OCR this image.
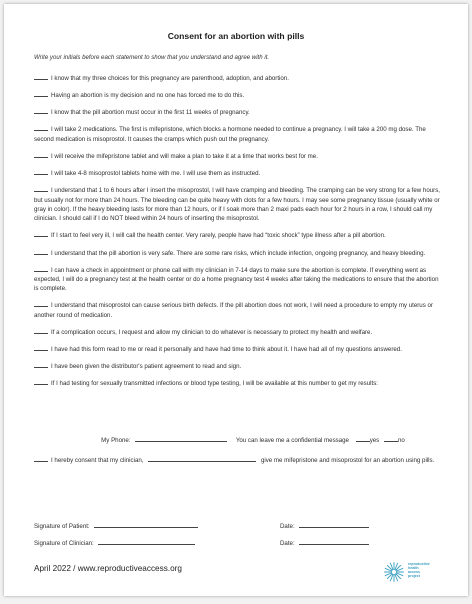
Consent for an abortion with pills
Write your initials before each statement to show that you understand and agree with it.
I know that my three choices for this pregnancy are parenthood, adoption, and abortion.
Having an abortion is my decision and no one has forced me to do this.
I know that the pill abortion must occur in the first 11 weeks of pregnancy.
I will take 2 medications. The first is mifepristone, which blocks a hormone needed to continue a pregnancy. I will take a 200 mg dose. The second medication is misoprostol. It causes the cramps which push out the pregnancy.
I will receive the mifepristone tablet and will make a plan to take it at a time that works best for me.
I will take 4-8 misoprostol tablets home with me. I will use them as instructed.
I understand that 1 to 6 hours after I insert the misoprostol, I will have cramping and bleeding. The cramping can be very strong for a few hours, but usually not for more than 24 hours. The bleeding can be quite heavy with clots for a few hours. I may see some pregnancy tissue (usually white or gray in color). If the heavy bleeding lasts for more than 12 hours, or if I soak more than 2 maxi pads each hour for 2 hours in a row, I should call my clinician. I should call if I do NOT bleed within 24 hours of inserting the misoprostol.
If I start to feel very ill, I will call the health center. Very rarely, people have had “toxic shock” type illness after a pill abortion.
I understand that the pill abortion is very safe. There are some rare risks, which include infection, ongoing pregnancy, and heavy bleeding.
I can have a check in appointment or phone call with my clinician in 7-14 days to make sure the abortion is complete. If everything went as expected, I will do a pregnancy test at the health center or do a home pregnancy test 4 weeks after taking the medications to ensure that the abortion is complete.
I understand that misoprostol can cause serious birth defects. If the pill abortion does not work, I will need a procedure to empty my uterus or another round of medication.
If a complication occurs, I request and allow my clinician to do whatever is necessary to protect my health and welfare.
I have had this form read to me or read it personally and have had time to think about it. I have had all of my questions answered.
I have been given the distributor's patient agreement to read and sign.
If I had testing for sexually transmitted infections or blood type testing, I will be available at this number to get my results:
My Phone:	You can leave me a confidential message	yes	no
I hereby consent that my clinician,	give me mifepristone and misoprostol for an abortion using pills.
Signature of Patient:	Date:
Signature of Clinician:	Date:
April 2022 / www.reproductiveaccess.org	reproductive
health
access
project
